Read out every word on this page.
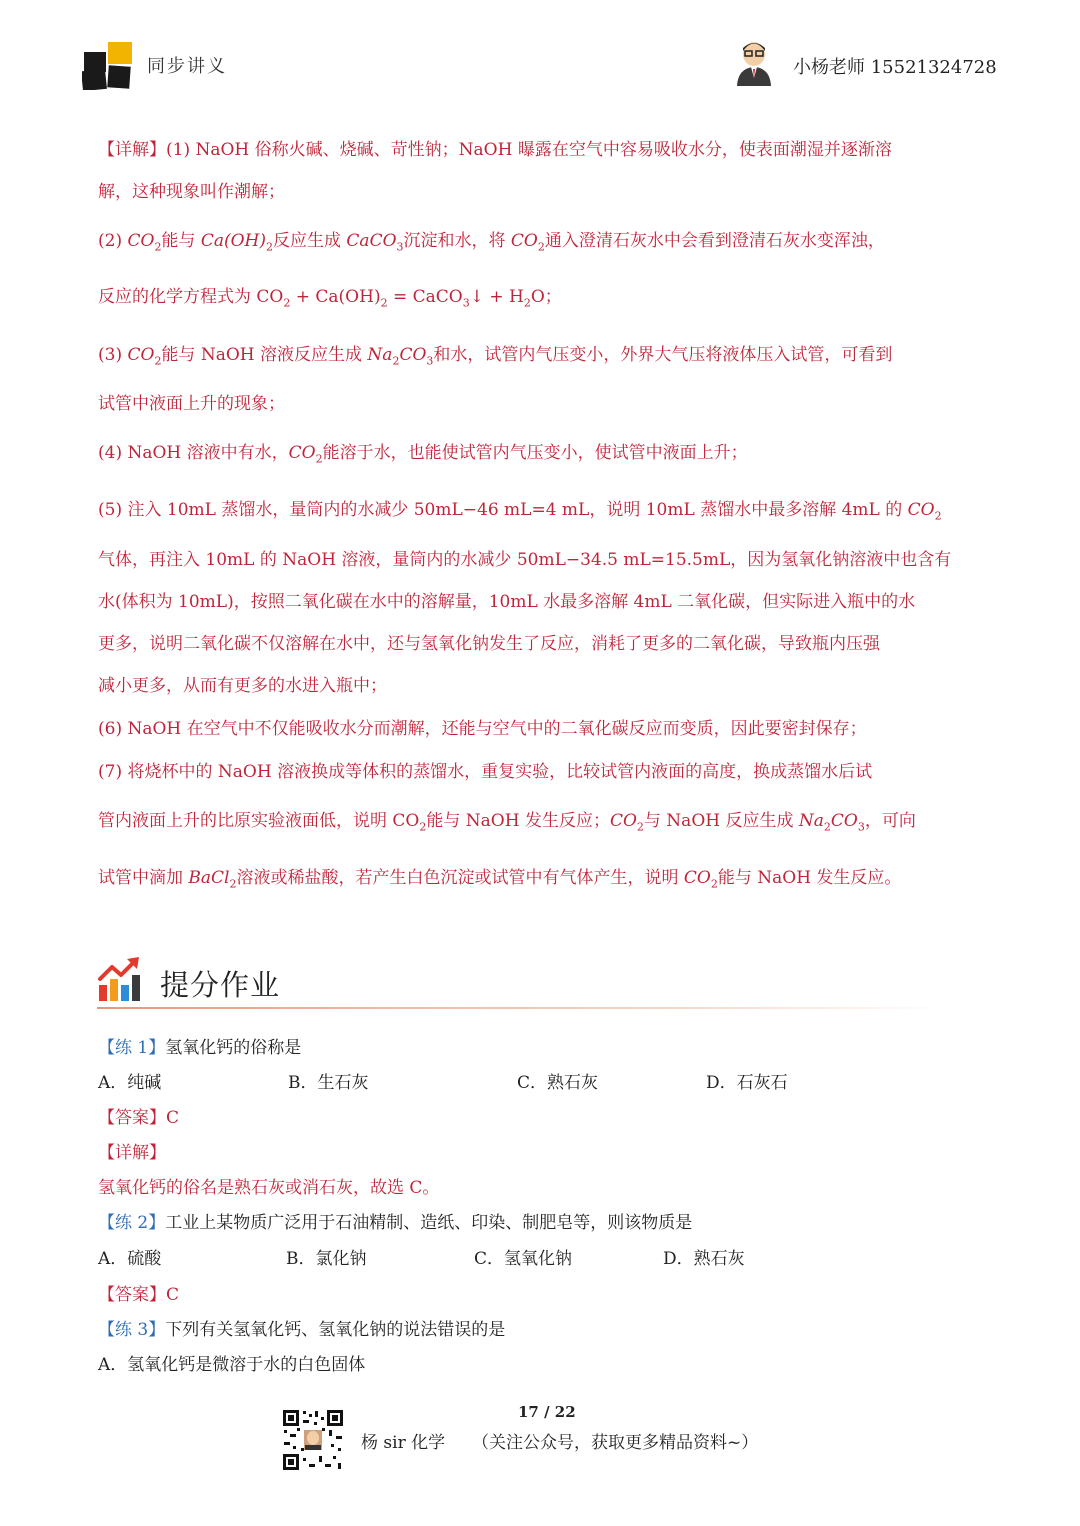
同步讲义	小杨老师 15521324728
【详解】(1) NaOH 俗称火碱、烧碱、苛性钠；NaOH 曝露在空气中容易吸收水分，使表面潮湿并逐渐溶
解，这种现象叫作潮解；
(2) $CO_2$能与 $Ca(OH)_2$反应生成 CaCO$_3$沉淀和水，将 $CO_2$通入澄清石灰水中会看到澄清石灰水变浑浊，
反应的化学方程式为 $CO_2 + Ca(OH)_2$ = CaCO$_3$↓ + $H_2O$；
(3) $CO_2$能与 NaOH 溶液反应生成 $Na_2CO_3$和水，试管内气压变小，外界大气压将液体压入试管，可看到
试管中液面上升的现象；
(4) NaOH 溶液中有水，$CO_2$能溶于水，也能使试管内气压变小，使试管中液面上升；
(5) 注入 10mL 蒸馏水，量筒内的水减少 50mL−46 mL=4 mL，说明 10mL 蒸馏水中最多溶解 4mL 的 $CO_2$
气体，再注入 10mL 的 NaOH 溶液，量筒内的水减少 50mL−34.5 mL=15.5mL，因为氢氧化钠溶液中也含有
水(体积为 10mL)，按照二氧化碳在水中的溶解量，10mL 水最多溶解 4mL 二氧化碳，但实际进入瓶中的水
更多，说明二氧化碳不仅溶解在水中，还与氢氧化钠发生了反应，消耗了更多的二氧化碳，导致瓶内压强
减小更多，从而有更多的水进入瓶中；
(6) NaOH 在空气中不仅能吸收水分而潮解，还能与空气中的二氧化碳反应而变质，因此要密封保存；
(7) 将烧杯中的 NaOH 溶液换成等体积的蒸馏水，重复实验，比较试管内液面的高度，换成蒸馏水后试
管内液面上升的比原实验液面低，说明 $CO_2$能与 NaOH 发生反应；$CO_2$与 NaOH 反应生成 $Na_2CO_3$，可向
试管中滴加 BaCl$_2$溶液或稀盐酸，若产生白色沉淀或试管中有气体产生，说明 $CO_2$能与 NaOH 发生反应。
提分作业
【练 1】氢氧化钙的俗称是
A．纯碱	B．生石灰	C．熟石灰	D．石灰石
【答案】C
【详解】
氢氧化钙的俗名是熟石灰或消石灰，故选 C。
【练 2】工业上某物质广泛用于石油精制、造纸、印染、制肥皂等，则该物质是
A．硫酸	B．氯化钠	C．氢氧化钠	D．熟石灰
【答案】C
【练 3】下列有关氢氧化钙、氢氧化钠的说法错误的是
A．氢氧化钙是微溶于水的白色固体
17 / 22
杨 sir 化学 （关注公众号，获取更多精品资料~）
